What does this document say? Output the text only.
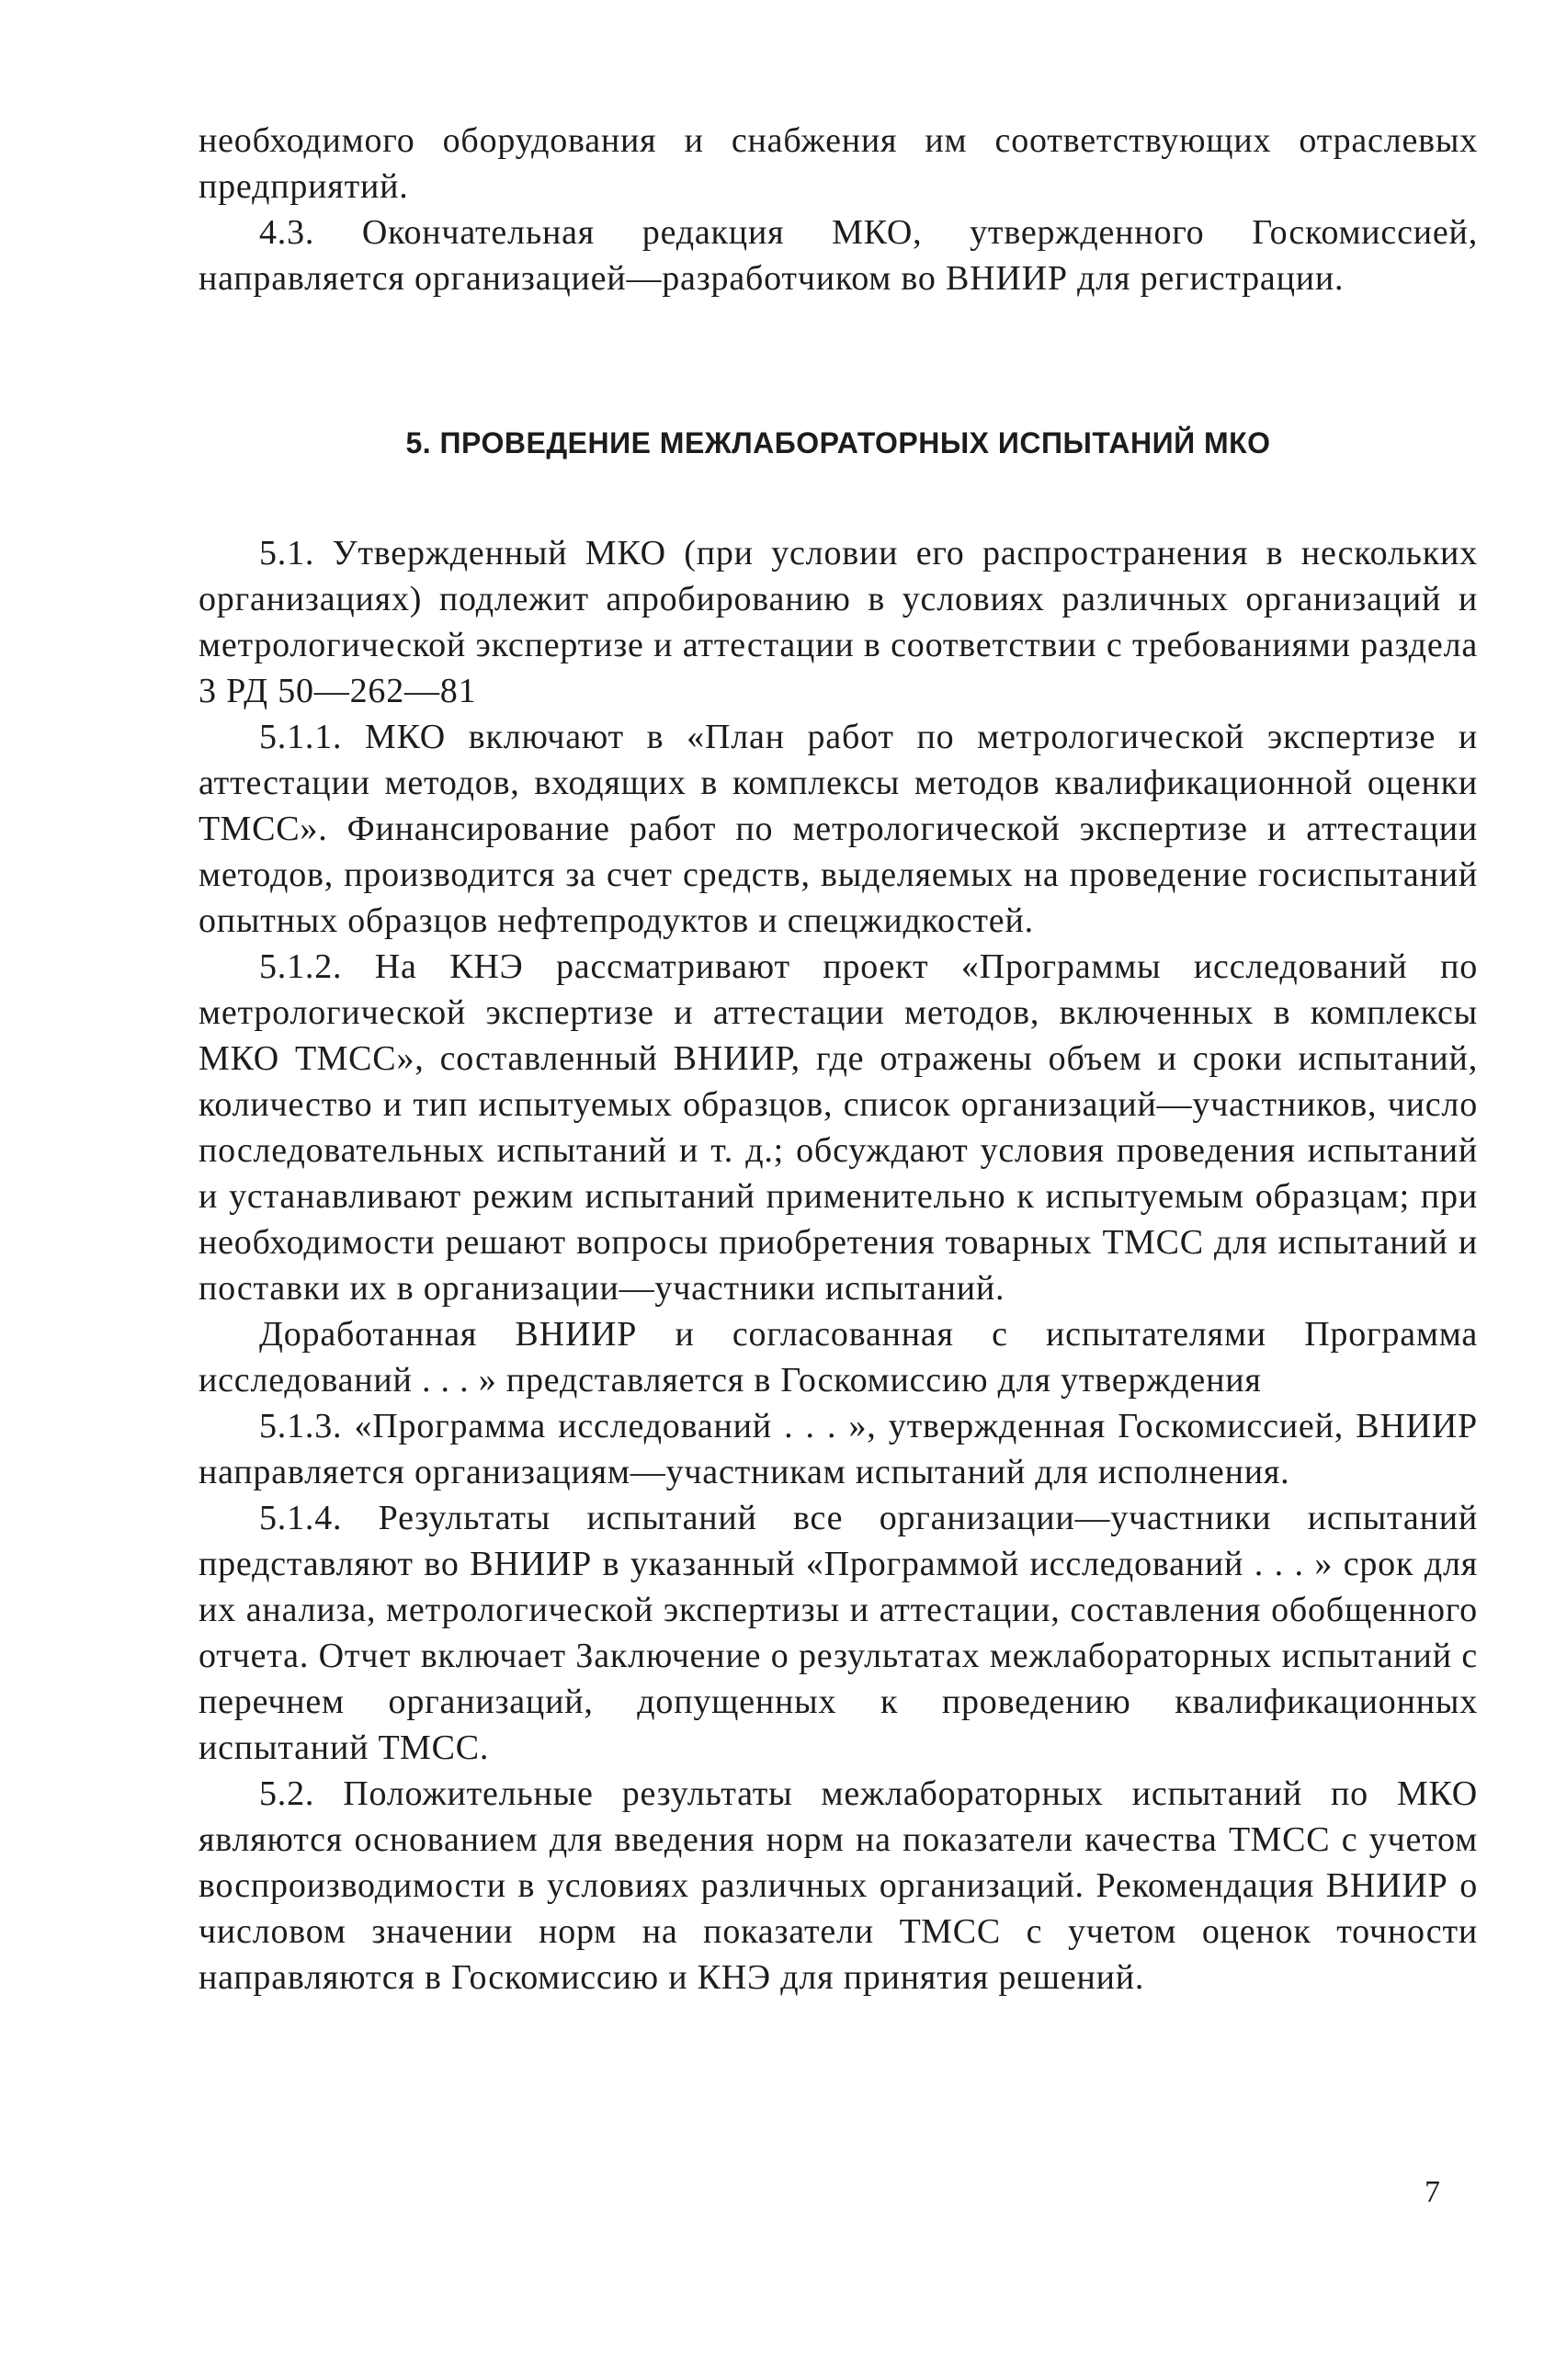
необходимого оборудования и снабжения им соответствующих отраслевых предприятий.

4.3. Окончательная редакция МКО, утвержденного Госкомиссией, направляется организацией—разработчиком во ВНИИР для регистрации.

5. ПРОВЕДЕНИЕ МЕЖЛАБОРАТОРНЫХ ИСПЫТАНИЙ МКО

5.1. Утвержденный МКО (при условии его распространения в нескольких организациях) подлежит апробированию в условиях различных организаций и метрологической экспертизе и аттестации в соответствии с требованиями раздела 3 РД 50—262—81

5.1.1. МКО включают в «План работ по метрологической экспертизе и аттестации методов, входящих в комплексы методов квалификационной оценки ТМСС». Финансирование работ по метрологической экспертизе и аттестации методов, производится за счет средств, выделяемых на проведение госиспытаний опытных образцов нефтепродуктов и спецжидкостей.

5.1.2. На КНЭ рассматривают проект «Программы исследований по метрологической экспертизе и аттестации методов, включенных в комплексы МКО ТМСС», составленный ВНИИР, где отражены объем и сроки испытаний, количество и тип испытуемых образцов, список организаций—участников, число последовательных испытаний и т. д.; обсуждают условия проведения испытаний и устанавливают режим испытаний применительно к испытуемым образцам; при необходимости решают вопросы приобретения товарных ТМСС для испытаний и поставки их в организации—участники испытаний.

Доработанная ВНИИР и согласованная с испытателями Программа исследований . . . » представляется в Госкомиссию для утверждения

5.1.3. «Программа исследований . . . », утвержденная Госкомиссией, ВНИИР направляется организациям—участникам испытаний для исполнения.

5.1.4. Результаты испытаний все организации—участники испытаний представляют во ВНИИР в указанный «Программой исследований . . . » срок для их анализа, метрологической экспертизы и аттестации, составления обобщенного отчета. Отчет включает Заключение о результатах межлабораторных испытаний с перечнем организаций, допущенных к проведению квалификационных испытаний ТМСС.

5.2. Положительные результаты межлабораторных испытаний по МКО являются основанием для введения норм на показатели качества ТМСС с учетом воспроизводимости в условиях различных организаций. Рекомендация ВНИИР о числовом значении норм на показатели ТМСС с учетом оценок точности направляются в Госкомиссию и КНЭ для принятия решений.

7
